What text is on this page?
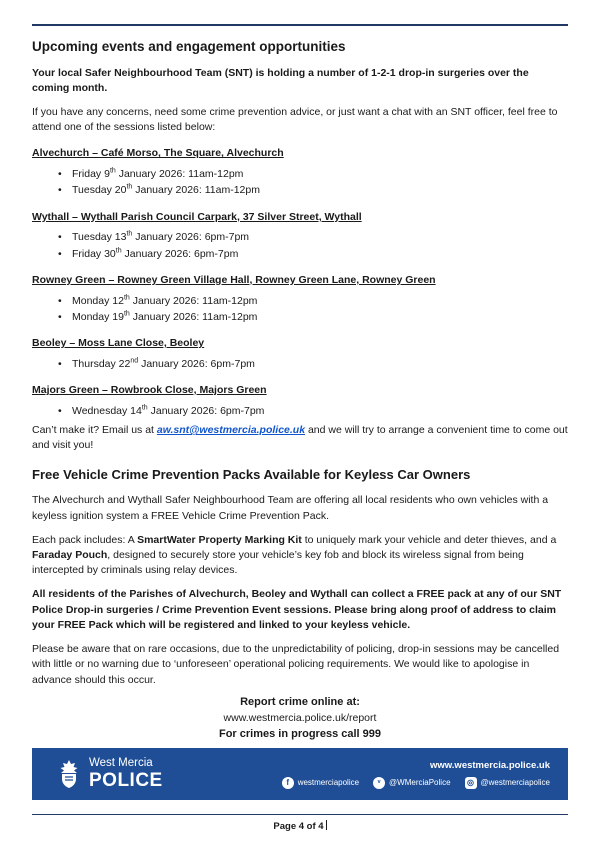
Upcoming events and engagement opportunities

Your local Safer Neighbourhood Team (SNT) is holding a number of 1-2-1 drop-in surgeries over the coming month.

If you have any concerns, need some crime prevention advice, or just want a chat with an SNT officer, feel free to attend one of the sessions listed below:

Alvechurch – Café Morso, The Square, Alvechurch
• Friday 9th January 2026: 11am-12pm
• Tuesday 20th January 2026: 11am-12pm
Wythall – Wythall Parish Council Carpark, 37 Silver Street, Wythall
• Tuesday 13th January 2026: 6pm-7pm
• Friday 30th January 2026: 6pm-7pm
Rowney Green – Rowney Green Village Hall, Rowney Green Lane, Rowney Green
• Monday 12th January 2026: 11am-12pm
• Monday 19th January 2026: 11am-12pm
Beoley – Moss Lane Close, Beoley
• Thursday 22nd January 2026: 6pm-7pm
Majors Green – Rowbrook Close, Majors Green
• Wednesday 14th January 2026: 6pm-7pm

Can’t make it? Email us at aw.snt@westmercia.police.uk and we will try to arrange a convenient time to come out and visit you!

Free Vehicle Crime Prevention Packs Available for Keyless Car Owners

The Alvechurch and Wythall Safer Neighbourhood Team are offering all local residents who own vehicles with a keyless ignition system a FREE Vehicle Crime Prevention Pack.

Each pack includes: A SmartWater Property Marking Kit to uniquely mark your vehicle and deter thieves, and a Faraday Pouch, designed to securely store your vehicle’s key fob and block its wireless signal from being intercepted by criminals using relay devices.

All residents of the Parishes of Alvechurch, Beoley and Wythall can collect a FREE pack at any of our SNT Police Drop-in surgeries / Crime Prevention Event sessions. Please bring along proof of address to claim your FREE Pack which will be registered and linked to your keyless vehicle.

Please be aware that on rare occasions, due to the unpredictability of policing, drop-in sessions may be cancelled with little or no warning due to ‘unforeseen’ operational policing requirements. We would like to apologise in advance should this occur.

Report crime online at:
www.westmercia.police.uk/report
For crimes in progress call 999
West Mercia
POLICE
www.westmercia.police.uk
f	westmerciapolice	ᵛ	@WMerciaPolice	◎ @westmerciapolice
Page 4 of 4
